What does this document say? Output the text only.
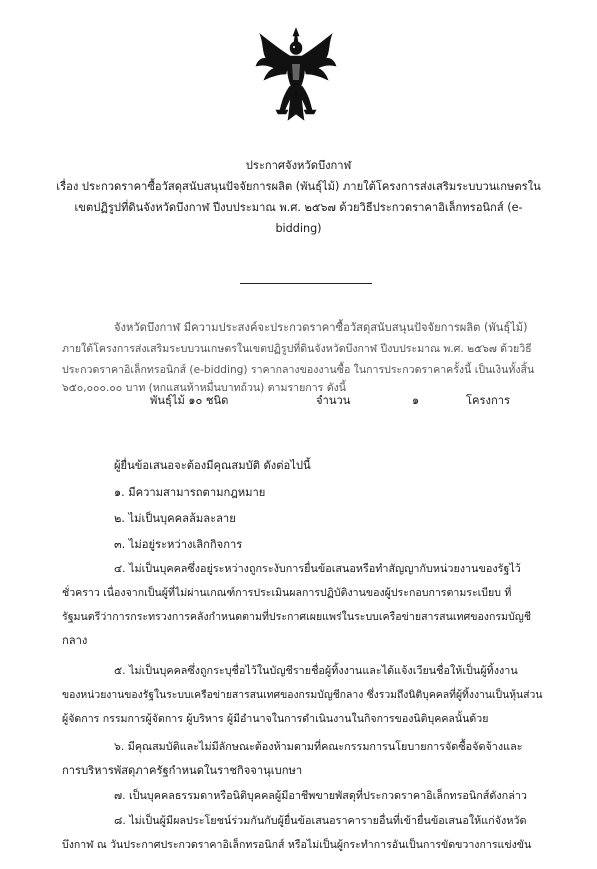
ประกาศจังหวัดบึงกาฬ
เรื่อง ประกวดราคาซื้อวัสดุสนับสนุนปัจจัยการผลิต (พันธุ์ไม้) ภายใต้โครงการส่งเสริมระบบวนเกษตรใน
เขตปฏิรูปที่ดินจังหวัดบึงกาฬ ปีงบประมาณ พ.ศ. ๒๕๖๗ ด้วยวิธีประกวดราคาอิเล็กทรอนิกส์ (e-
bidding)
จังหวัดบึงกาฬ มีความประสงค์จะประกวดราคาซื้อวัสดุสนับสนุนปัจจัยการผลิต (พันธุ์ไม้)
ภายใต้โครงการส่งเสริมระบบวนเกษตรในเขตปฏิรูปที่ดินจังหวัดบึงกาฬ ปีงบประมาณ พ.ศ. ๒๕๖๗ ด้วยวิธี
ประกวดราคาอิเล็กทรอนิกส์ (e-bidding) ราคากลางของงานซื้อ ในการประกวดราคาครั้งนี้ เป็นเงินทั้งสิ้น
๖๕๐,๐๐๐.๐๐ บาท (หกแสนห้าหมื่นบาทถ้วน) ตามรายการ ดังนี้
พันธุ์ไม้ ๑๐ ชนิด	จำนวน	๑	โครงการ
ผู้ยื่นข้อเสนอจะต้องมีคุณสมบัติ ดังต่อไปนี้
๑. มีความสามารถตามกฎหมาย
๒. ไม่เป็นบุคคลล้มละลาย
๓. ไม่อยู่ระหว่างเลิกกิจการ
๔. ไม่เป็นบุคคลซึ่งอยู่ระหว่างถูกระงับการยื่นข้อเสนอหรือทำสัญญากับหน่วยงานของรัฐไว้
ชั่วคราว เนื่องจากเป็นผู้ที่ไม่ผ่านเกณฑ์การประเมินผลการปฏิบัติงานของผู้ประกอบการตามระเบียบ ที่
รัฐมนตรีว่าการกระทรวงการคลังกำหนดตามที่ประกาศเผยแพร่ในระบบเครือข่ายสารสนเทศของกรมบัญชี
กลาง
๕. ไม่เป็นบุคคลซึ่งถูกระบุชื่อไว้ในบัญชีรายชื่อผู้ทิ้งงานและได้แจ้งเวียนชื่อให้เป็นผู้ทิ้งงาน
ของหน่วยงานของรัฐในระบบเครือข่ายสารสนเทศของกรมบัญชีกลาง ซึ่งรวมถึงนิติบุคคลที่ผู้ทิ้งงานเป็นหุ้นส่วน
ผู้จัดการ กรรมการผู้จัดการ ผู้บริหาร ผู้มีอำนาจในการดำเนินงานในกิจการของนิติบุคคลนั้นด้วย
๖. มีคุณสมบัติและไม่มีลักษณะต้องห้ามตามที่คณะกรรมการนโยบายการจัดซื้อจัดจ้างและ
การบริหารพัสดุภาครัฐกำหนดในราชกิจจานุเบกษา
๗. เป็นบุคคลธรรมดาหรือนิติบุคคลผู้มีอาชีพขายพัสดุที่ประกวดราคาอิเล็กทรอนิกส์ดังกล่าว
๘. ไม่เป็นผู้มีผลประโยชน์ร่วมกันกับผู้ยื่นข้อเสนอราคารายอื่นที่เข้ายื่นข้อเสนอให้แก่จังหวัด
บึงกาฬ ณ วันประกาศประกวดราคาอิเล็กทรอนิกส์ หรือไม่เป็นผู้กระทำการอันเป็นการขัดขวางการแข่งขัน
